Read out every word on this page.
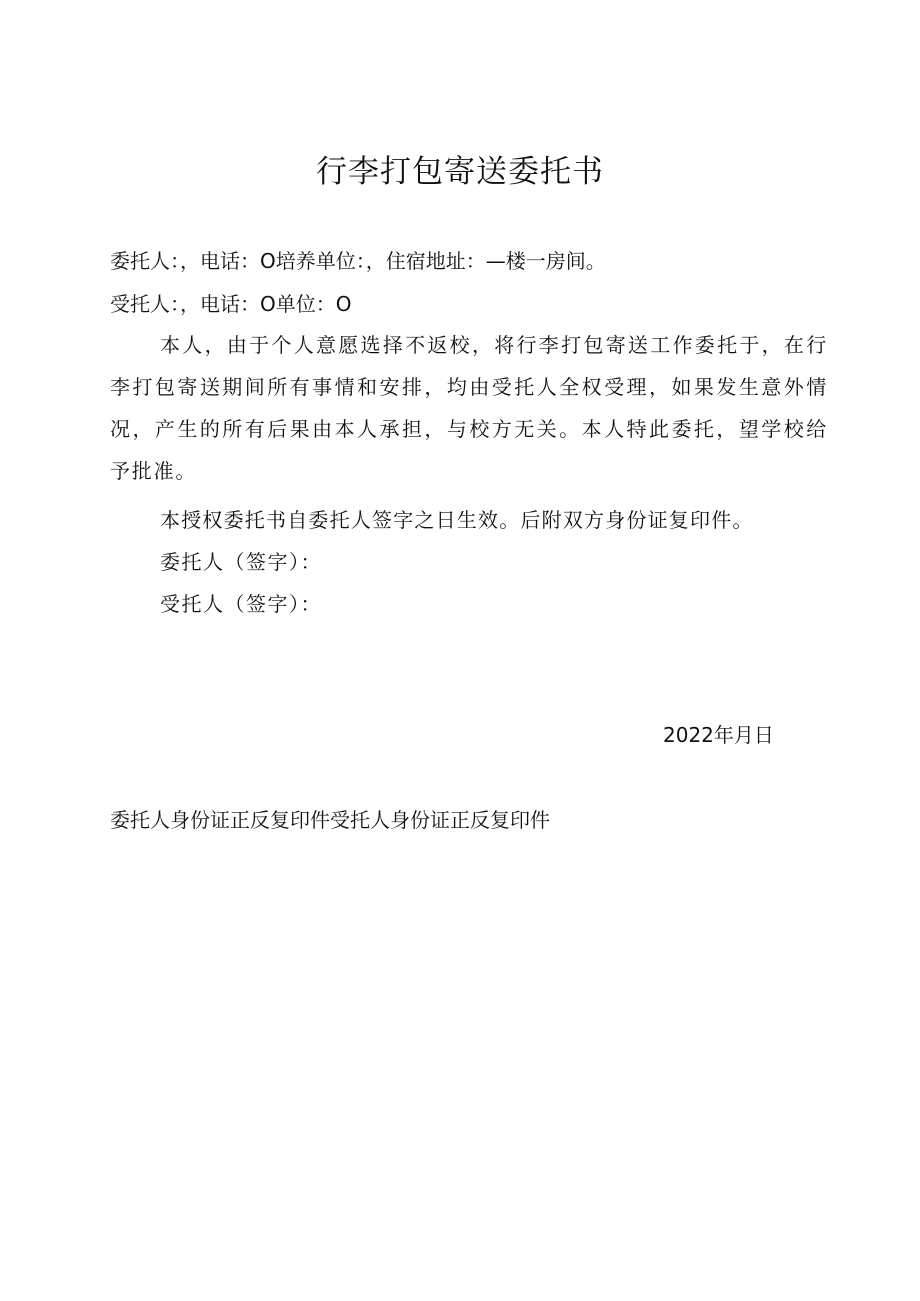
行李打包寄送委托书

委托人：，电话：O培养单位：，住宿地址：—楼一房间。

受托人：，电话：O单位：O

本人，由于个人意愿选择不返校，将行李打包寄送工作委托于，在行李打包寄送期间所有事情和安排，均由受托人全权受理，如果发生意外情况，产生的所有后果由本人承担，与校方无关。本人特此委托，望学校给予批准。

本授权委托书自委托人签字之日生效。后附双方身份证复印件。

委托人（签字）：

受托人（签字）：

2022年月日

委托人身份证正反复印件受托人身份证正反复印件
